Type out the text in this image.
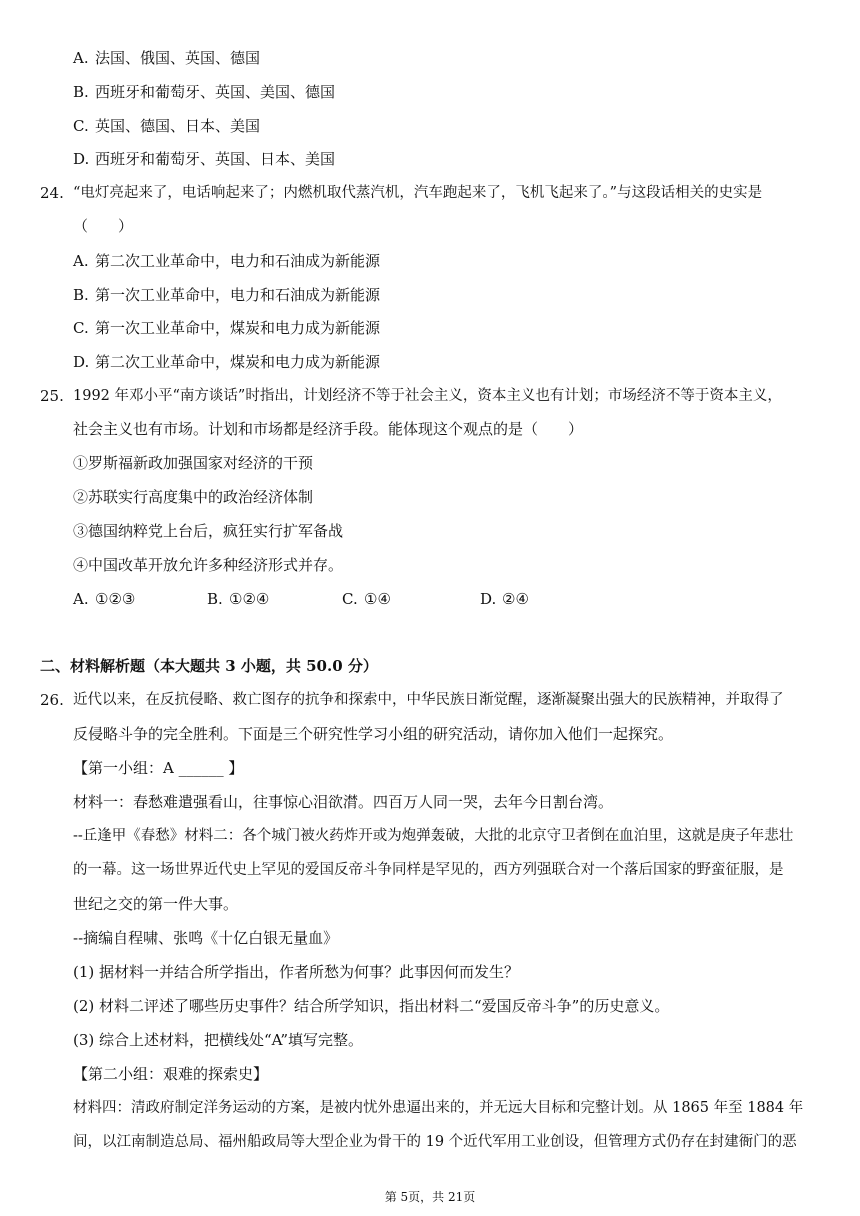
A. 法国、俄国、英国、德国
B. 西班牙和葡萄牙、英国、美国、德国
C. 英国、德国、日本、美国
D. 西班牙和葡萄牙、英国、日本、美国
24. “电灯亮起来了，电话响起来了；内燃机取代蒸汽机，汽车跑起来了，飞机飞起来了。”与这段话相关的史实是
（　　）
A. 第二次工业革命中，电力和石油成为新能源
B. 第一次工业革命中，电力和石油成为新能源
C. 第一次工业革命中，煤炭和电力成为新能源
D. 第二次工业革命中，煤炭和电力成为新能源
25. 1992 年邓小平“南方谈话”时指出，计划经济不等于社会主义，资本主义也有计划；市场经济不等于资本主义，
社会主义也有市场。计划和市场都是经济手段。能体现这个观点的是（　　）
①罗斯福新政加强国家对经济的干预
②苏联实行高度集中的政治经济体制
③德国纳粹党上台后，疯狂实行扩军备战
④中国改革开放允许多种经济形式并存。
A. ①②③	B. ①②④	C. ①④	D. ②④
二、材料解析题（本大题共 3 小题，共 50.0 分）
26. 近代以来，在反抗侵略、救亡图存的抗争和探索中，中华民族日渐觉醒，逐渐凝聚出强大的民族精神，并取得了
反侵略斗争的完全胜利。下面是三个研究性学习小组的研究活动，请你加入他们一起探究。
【第一小组：A ______ 】
材料一：春愁难遣强看山，往事惊心泪欲潸。四百万人同一哭，去年今日割台湾。
--丘逢甲《春愁》材料二：各个城门被火药炸开或为炮弹轰破，大批的北京守卫者倒在血泊里，这就是庚子年悲壮
的一幕。这一场世界近代史上罕见的爱国反帝斗争同样是罕见的，西方列强联合对一个落后国家的野蛮征服，是
世纪之交的第一件大事。
--摘编自程啸、张鸣《十亿白银无量血》
(1) 据材料一并结合所学指出，作者所愁为何事？此事因何而发生？
(2) 材料二评述了哪些历史事件？结合所学知识，指出材料二“爱国反帝斗争”的历史意义。
(3) 综合上述材料，把横线处“A”填写完整。
【第二小组：艰难的探索史】
材料四：清政府制定洋务运动的方案，是被内忧外患逼出来的，并无远大目标和完整计划。从 1865 年至 1884 年
间，以江南制造总局、福州船政局等大型企业为骨干的 19 个近代军用工业创设，但管理方式仍存在封建衙门的恶
第 5页，共 21页
